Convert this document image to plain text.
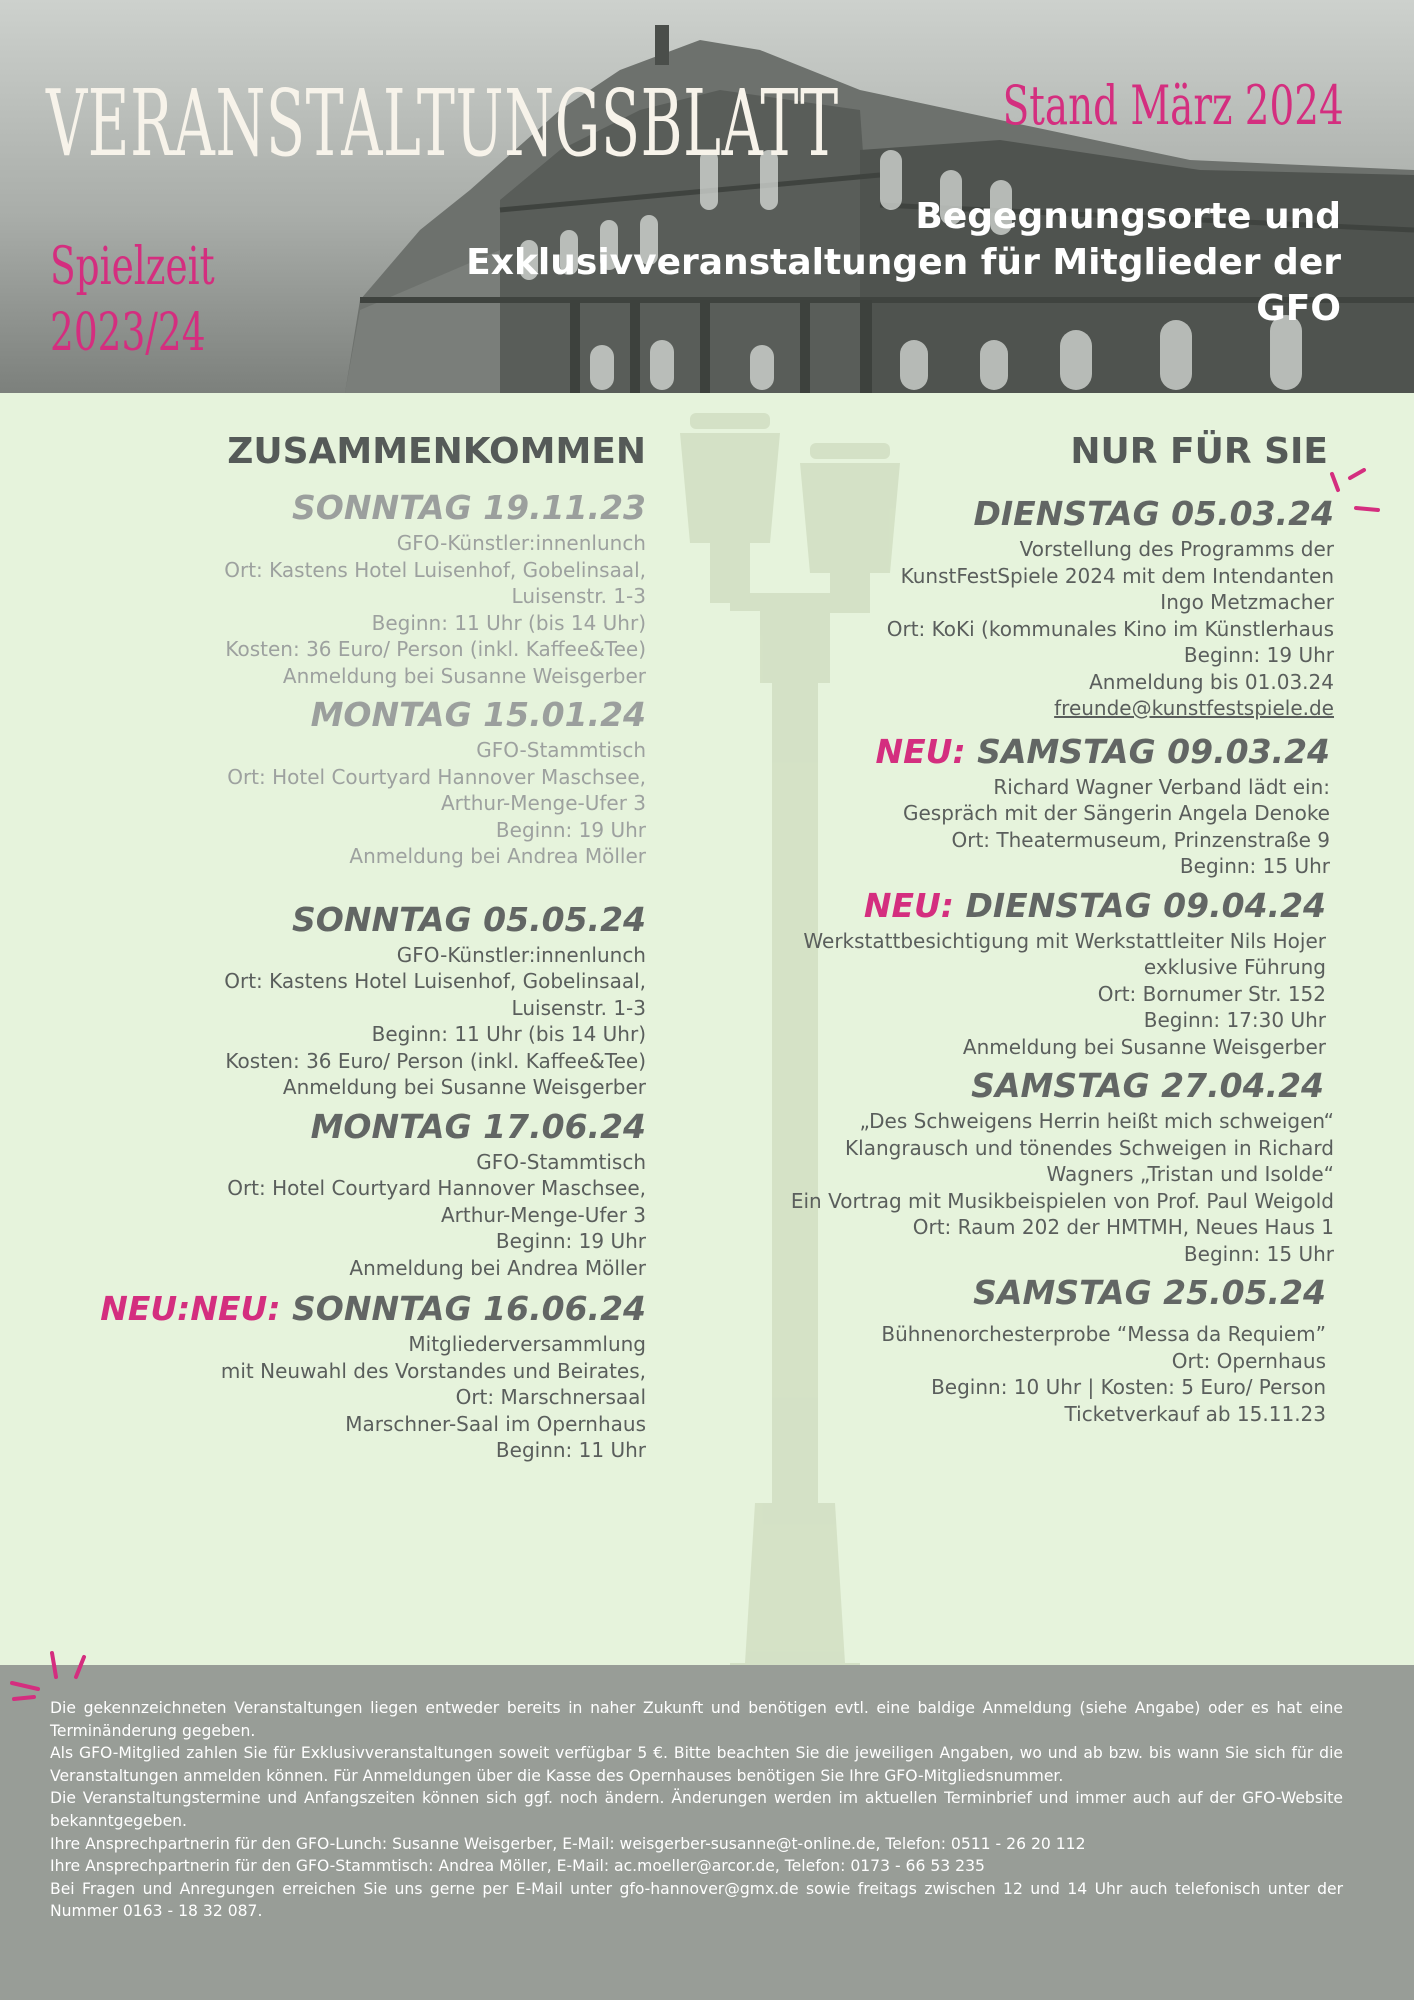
VERANSTALTUNGSBLATT	Stand März 2024
Spielzeit
2023/24
Begegnungsorte und
Exklusivveranstaltungen für Mitglieder der
GFO
ZUSAMMENKOMMEN
SONNTAG 19.11.23
GFO-Künstler:innenlunch
Ort: Kastens Hotel Luisenhof, Gobelinsaal,
Luisenstr. 1-3
Beginn: 11 Uhr (bis 14 Uhr)
Kosten: 36 Euro/ Person (inkl. Kaffee&Tee)
Anmeldung bei Susanne Weisgerber
MONTAG 15.01.24
GFO-Stammtisch
Ort: Hotel Courtyard Hannover Maschsee,
Arthur-Menge-Ufer 3
Beginn: 19 Uhr
Anmeldung bei Andrea Möller
SONNTAG 05.05.24
GFO-Künstler:innenlunch
Ort: Kastens Hotel Luisenhof, Gobelinsaal,
Luisenstr. 1-3
Beginn: 11 Uhr (bis 14 Uhr)
Kosten: 36 Euro/ Person (inkl. Kaffee&Tee)
Anmeldung bei Susanne Weisgerber
MONTAG 17.06.24
GFO-Stammtisch
Ort: Hotel Courtyard Hannover Maschsee,
Arthur-Menge-Ufer 3
Beginn: 19 Uhr
Anmeldung bei Andrea Möller
NEU:NEU: SONNTAG 16.06.24
Mitgliederversammlung
mit Neuwahl des Vorstandes und Beirates,
Ort: Marschnersaal
Marschner-Saal im Opernhaus
Beginn: 11 Uhr
NUR FÜR SIE
DIENSTAG 05.03.24
Vorstellung des Programms der
KunstFestSpiele 2024 mit dem Intendanten
Ingo Metzmacher
Ort: KoKi (kommunales Kino im Künstlerhaus
Beginn: 19 Uhr
Anmeldung bis 01.03.24
freunde@kunstfestspiele.de
NEU: SAMSTAG 09.03.24
Richard Wagner Verband lädt ein:
Gespräch mit der Sängerin Angela Denoke
Ort: Theatermuseum, Prinzenstraße 9
Beginn: 15 Uhr
NEU: DIENSTAG 09.04.24
Werkstattbesichtigung mit Werkstattleiter Nils Hojer
exklusive Führung
Ort: Bornumer Str. 152
Beginn: 17:30 Uhr
Anmeldung bei Susanne Weisgerber
SAMSTAG 27.04.24
„Des Schweigens Herrin heißt mich schweigen“
Klangrausch und tönendes Schweigen in Richard
Wagners „Tristan und Isolde“
Ein Vortrag mit Musikbeispielen von Prof. Paul Weigold
Ort: Raum 202 der HMTMH, Neues Haus 1
Beginn: 15 Uhr
SAMSTAG 25.05.24
Bühnenorchesterprobe “Messa da Requiem”
Ort: Opernhaus
Beginn: 10 Uhr | Kosten: 5 Euro/ Person
Ticketverkauf ab 15.11.23

Die gekennzeichneten Veranstaltungen liegen entweder bereits in naher Zukunft und benötigen evtl. eine baldige Anmeldung (siehe Angabe) oder es hat eine Terminänderung gegeben.

Als GFO-Mitglied zahlen Sie für Exklusivveranstaltungen soweit verfügbar 5 €. Bitte beachten Sie die jeweiligen Angaben, wo und ab bzw. bis wann Sie sich für die Veranstaltungen anmelden können. Für Anmeldungen über die Kasse des Opernhauses benötigen Sie Ihre GFO-Mitgliedsnummer.

Die Veranstaltungstermine und Anfangszeiten können sich ggf. noch ändern. Änderungen werden im aktuellen Terminbrief und immer auch auf der GFO-Website bekanntgegeben.

Ihre Ansprechpartnerin für den GFO-Lunch: Susanne Weisgerber, E-Mail: weisgerber-susanne@t-online.de, Telefon: 0511 - 26 20 112

Ihre Ansprechpartnerin für den GFO-Stammtisch: Andrea Möller, E-Mail: ac.moeller@arcor.de, Telefon: 0173 - 66 53 235

Bei Fragen und Anregungen erreichen Sie uns gerne per E-Mail unter gfo-hannover@gmx.de sowie freitags zwischen 12 und 14 Uhr auch telefonisch unter der Nummer 0163 - 18 32 087.
